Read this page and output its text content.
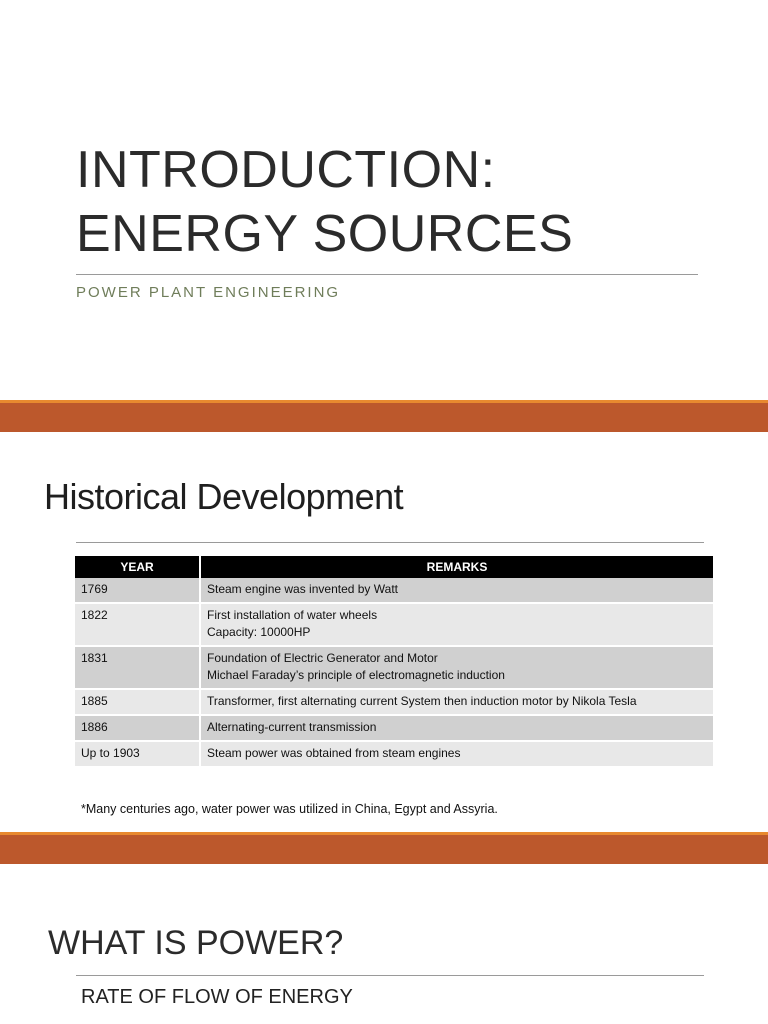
INTRODUCTION:
ENERGY SOURCES
POWER PLANT ENGINEERING
Historical Development
YEAR	REMARKS
1769	Steam engine was invented by Watt

1822	First installation of water wheels
Capacity: 10000HP

1831	Foundation of Electric Generator and Motor
Michael Faraday’s principle of electromagnetic induction

1885	Transformer, first alternating current System then induction motor by Nikola Tesla

1886	Alternating-current transmission

Up to 1903	Steam power was obtained from steam engines
*Many centuries ago, water power was utilized in China, Egypt and Assyria.
WHAT IS POWER?
RATE OF FLOW OF ENERGY
